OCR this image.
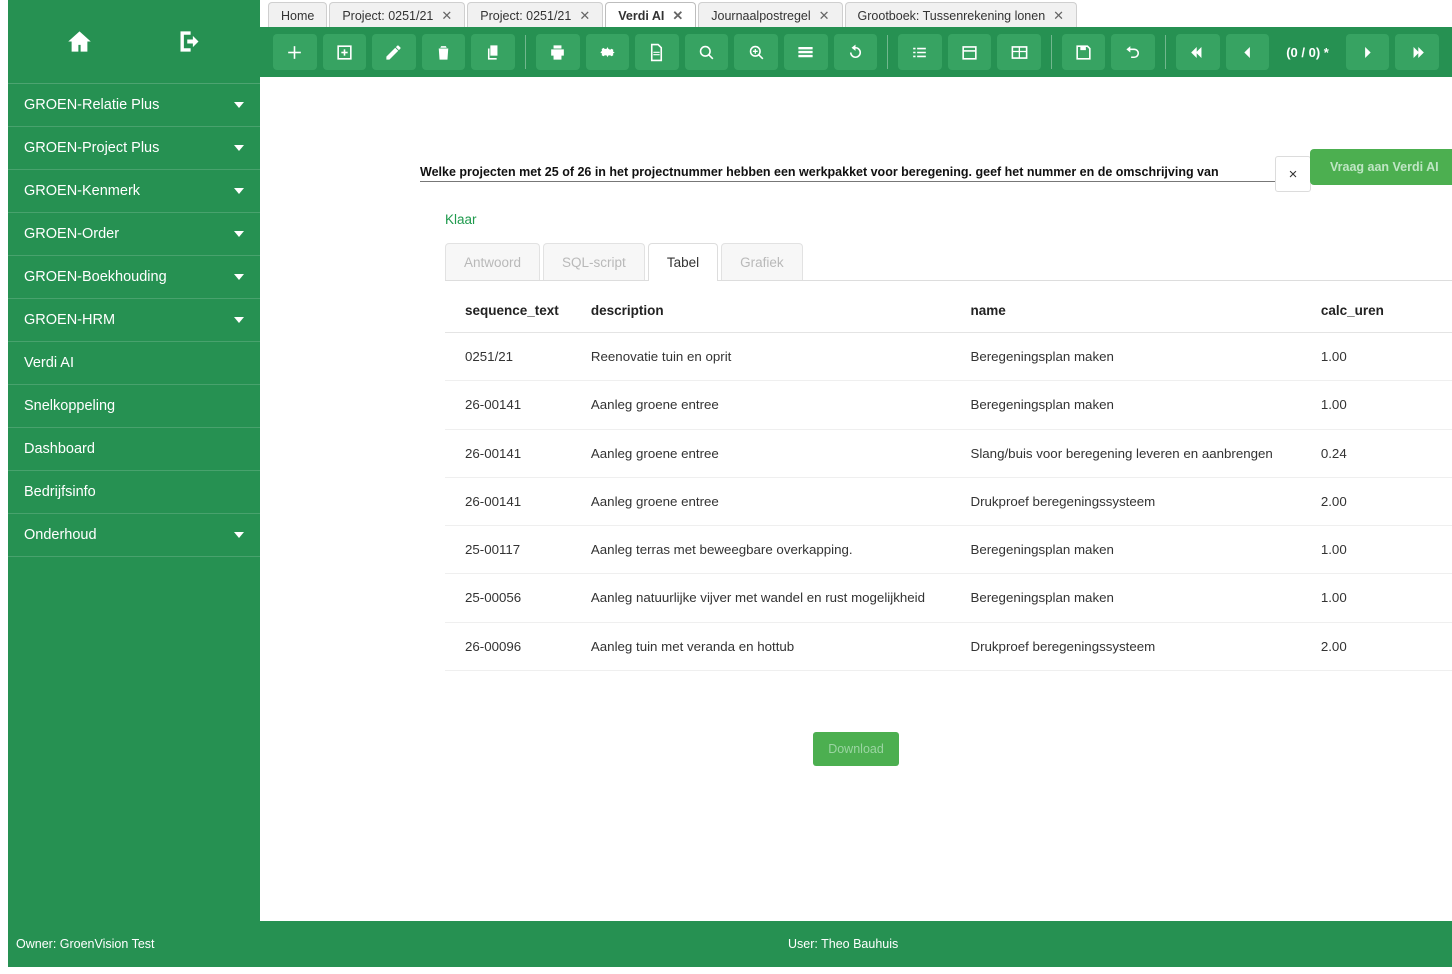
GROEN-Relatie Plus
GROEN-Project Plus
GROEN-Kenmerk
GROEN-Order
GROEN-Boekhouding
GROEN-HRM
Verdi AI
Snelkoppeling
Dashboard
Bedrijfsinfo
Onderhoud
Home Project: 0251/21 ✕ Project: 0251/21 ✕ Verdi AI ✕ Journaalpostregel ✕ Grootboek: Tussenrekening lonen ✕
(0 / 0) *
Welke projecten met 25 of 26 in het projectnummer hebben een werkpakket voor beregening. geef het nummer en de omschrijving van	×	Vraag aan Verdi AI
Klaar
Antwoord	SQL-script	Tabel	Grafiek
sequence_text	description	name	calc_uren
0251/21	Reenovatie tuin en oprit	Beregeningsplan maken	1.00
26-00141	Aanleg groene entree	Beregeningsplan maken	1.00
26-00141	Aanleg groene entree	Slang/buis voor beregening leveren en aanbrengen	0.24
26-00141	Aanleg groene entree	Drukproef beregeningssysteem	2.00
25-00117	Aanleg terras met beweegbare overkapping.	Beregeningsplan maken	1.00
25-00056	Aanleg natuurlijke vijver met wandel en rust mogelijkheid	Beregeningsplan maken	1.00
26-00096	Aanleg tuin met veranda en hottub	Drukproef beregeningssysteem	2.00
Download
Owner: GroenVision Test	User: Theo Bauhuis
